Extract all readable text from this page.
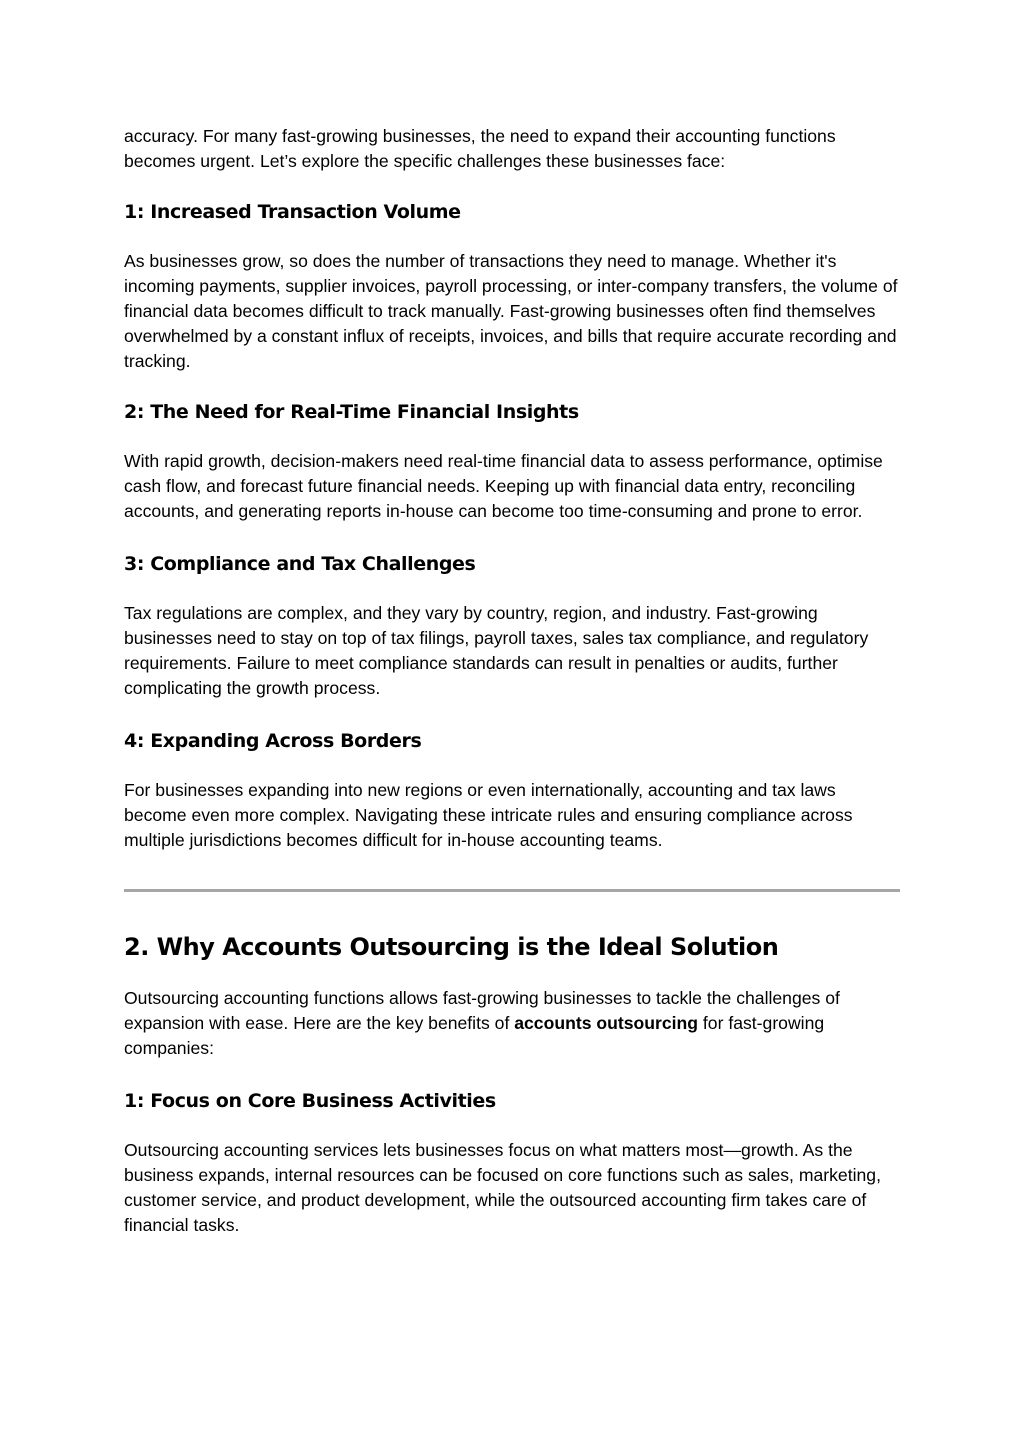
accuracy. For many fast-growing businesses, the need to expand their accounting functions becomes urgent. Let’s explore the specific challenges these businesses face:

1: Increased Transaction Volume

As businesses grow, so does the number of transactions they need to manage. Whether it's incoming payments, supplier invoices, payroll processing, or inter-company transfers, the volume of financial data becomes difficult to track manually. Fast-growing businesses often find themselves overwhelmed by a constant influx of receipts, invoices, and bills that require accurate recording and tracking.

2: The Need for Real-Time Financial Insights

With rapid growth, decision-makers need real-time financial data to assess performance, optimise cash flow, and forecast future financial needs. Keeping up with financial data entry, reconciling accounts, and generating reports in-house can become too time-consuming and prone to error.

3: Compliance and Tax Challenges

Tax regulations are complex, and they vary by country, region, and industry. Fast-growing businesses need to stay on top of tax filings, payroll taxes, sales tax compliance, and regulatory requirements. Failure to meet compliance standards can result in penalties or audits, further complicating the growth process.

4: Expanding Across Borders

For businesses expanding into new regions or even internationally, accounting and tax laws become even more complex. Navigating these intricate rules and ensuring compliance across multiple jurisdictions becomes difficult for in-house accounting teams.

2. Why Accounts Outsourcing is the Ideal Solution

Outsourcing accounting functions allows fast-growing businesses to tackle the challenges of expansion with ease. Here are the key benefits of accounts outsourcing for fast-growing companies:

1: Focus on Core Business Activities

Outsourcing accounting services lets businesses focus on what matters most—growth. As the business expands, internal resources can be focused on core functions such as sales, marketing, customer service, and product development, while the outsourced accounting firm takes care of financial tasks.
